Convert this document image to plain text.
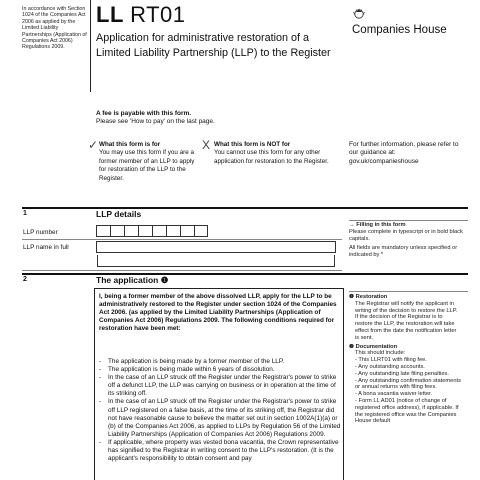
In accordance with Section 1024 of the Companies Act 2006 as applied by the Limited Liability Partnerships (Application of Companies Act 2006) Regulations 2009.
LL RT01
Application for administrative restoration of a Limited Liability Partnership (LLP) to the Register
Companies House
A fee is payable with this form.
Please see 'How to pay' on the last page.
✓ What this form is for
You may use this form if you are a former member of an LLP to apply for restoration of the LLP to the Register.
X What this form is NOT for
You cannot use this form for any other application for restoration to the Register.
For further information, please refer to our guidance at: gov.uk/companieshouse
1	LLP details
LLP number
LLP name in full
→ Filling in this form
Please complete in typescript or in bold black capitals.
All fields are mandatory unless specified or indicated by *
2	The application ❶
I, being a former member of the above dissolved LLP, apply for the LLP to be administratively restored to the Register under section 1024 of the Companies Act 2006. (as applied by the Limited Liability Partnerships (Application of Companies Act 2006) Regulations 2009. The following conditions required for restoration have been met:
- The application is being made by a former member of the LLP.
- The application is being made within 6 years of dissolution.
- In the case of an LLP struck off the Register under the Registrar's power to strike off a defunct LLP, the LLP was carrying on business or in operation at the time of its striking off.
- In the case of an LLP struck off the Register under the Registrar's power to strike off LLP registered on a false basis, at the time of its striking off, the Registrar did not have reasonable cause to believe the matter set out in section 1002A(1)(a) or (b) of the Companies Act 2006, as applied to LLPs by Regulation 56 of the Limited Liability Partnerships (Application of Companies Act 2006) Regulations 2009.
- If applicable, where property was vested bona vacantia, the Crown representative has signified to the Registrar in writing consent to the LLP's restoration. (It is the applicant's responsibility to obtain consent and pay
❶ Restoration
The Registrar will notify the applicant in writing of the decision to restore the LLP. If the decision of the Registrar is to restore the LLP, the restoration will take effect from the date the notification letter is sent.
❷ Documentation
This should include:
- This LLRT01 with filing fee.
- Any outstanding accounts.
- Any outstanding late filing penalties.
- Any outstanding confirmation statements or annual returns with filing fees.
- A bona vacantia waiver letter.
- Form LL AD01 (notice of change of registered office address), if applicable. If the registered office was the Companies House default
